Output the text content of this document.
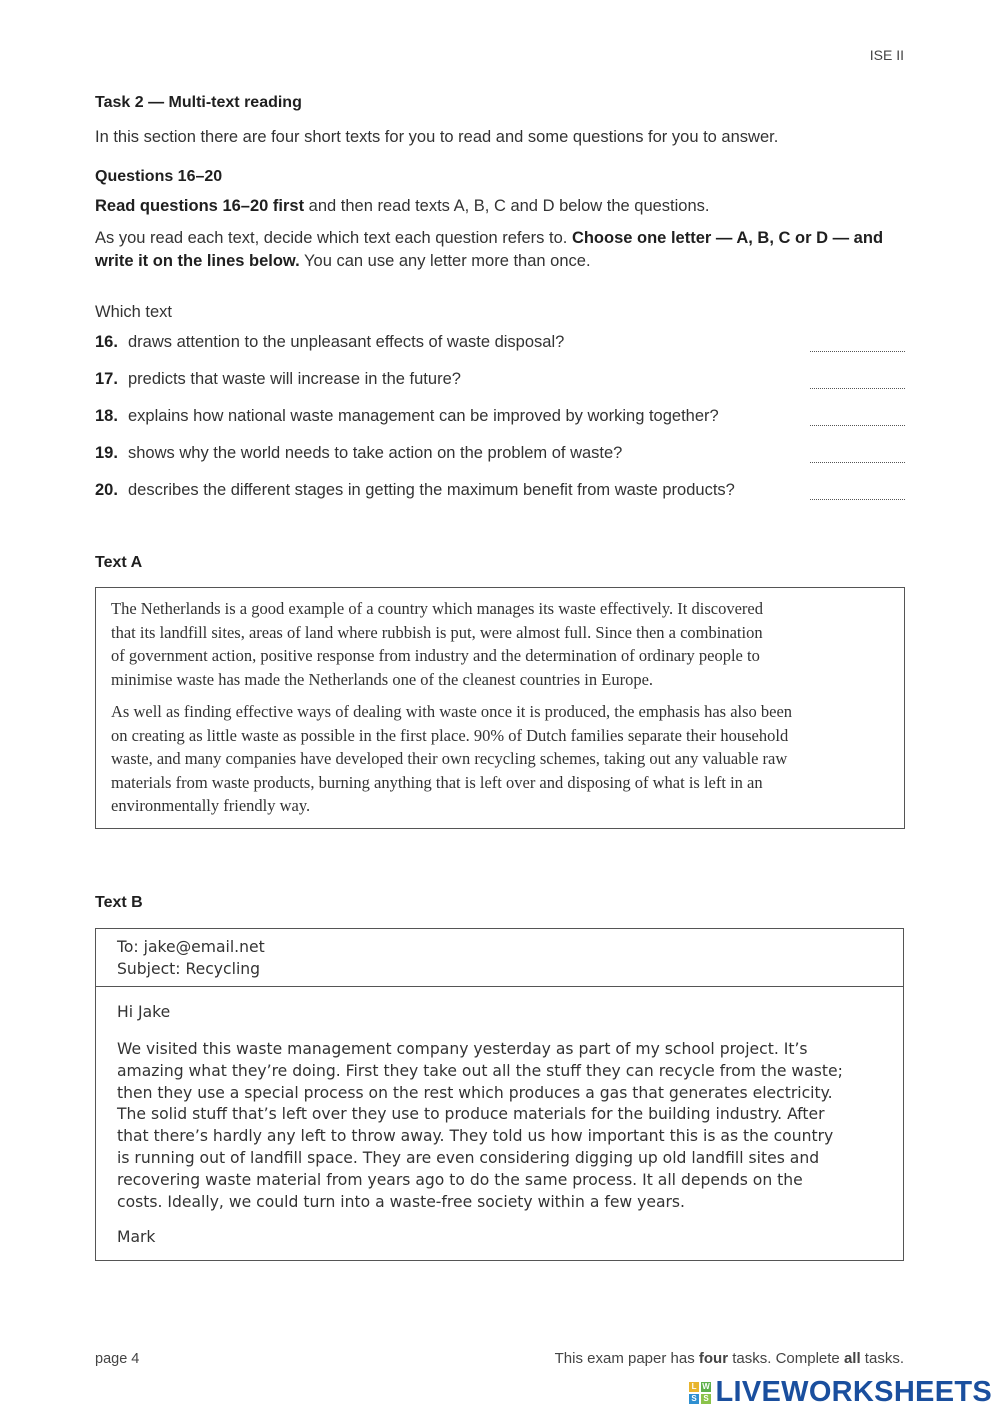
ISE II
Task 2 — Multi-text reading
In this section there are four short texts for you to read and some questions for you to answer.
Questions 16–20
Read questions 16–20 first and then read texts A, B, C and D below the questions.
As you read each text, decide which text each question refers to. Choose one letter — A, B, C or D — and write it on the lines below. You can use any letter more than once.
Which text
16. draws attention to the unpleasant effects of waste disposal?
17. predicts that waste will increase in the future?
18. explains how national waste management can be improved by working together?
19. shows why the world needs to take action on the problem of waste?
20. describes the different stages in getting the maximum benefit from waste products?
Text A
The Netherlands is a good example of a country which manages its waste effectively. It discovered
that its landfill sites, areas of land where rubbish is put, were almost full. Since then a combination
of government action, positive response from industry and the determination of ordinary people to
minimise waste has made the Netherlands one of the cleanest countries in Europe.
As well as finding effective ways of dealing with waste once it is produced, the emphasis has also been
on creating as little waste as possible in the first place. 90% of Dutch families separate their household
waste, and many companies have developed their own recycling schemes, taking out any valuable raw
materials from waste products, burning anything that is left over and disposing of what is left in an
environmentally friendly way.
Text B
To: jake@email.net
Subject: Recycling
Hi Jake
We visited this waste management company yesterday as part of my school project. It’s
amazing what they’re doing. First they take out all the stuff they can recycle from the waste;
then they use a special process on the rest which produces a gas that generates electricity.
The solid stuff that’s left over they use to produce materials for the building industry. After
that there’s hardly any left to throw away. They told us how important this is as the country
is running out of landfill space. They are even considering digging up old landfill sites and
recovering waste material from years ago to do the same process. It all depends on the
costs. Ideally, we could turn into a waste-free society within a few years.
Mark
page 4	This exam paper has four tasks. Complete all tasks.
L W
S S LIVEWORKSHEETS
